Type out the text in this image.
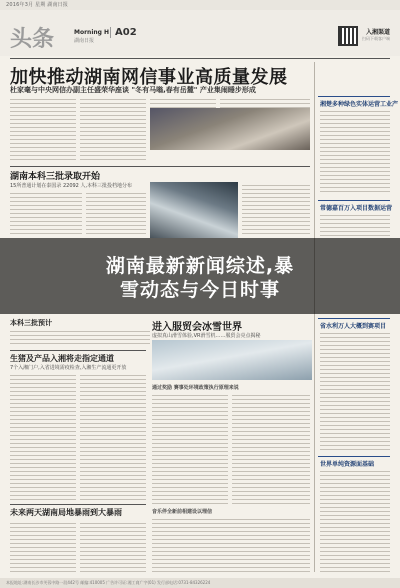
2016年3月 星期 湖南日报
头条	Morning H
湖南日报
A02	入湘渠道
扫码下载客户端
加快推动湖南网信事业高质量发展
杜家毫与中央网信办副主任盛荣华座谈 "冬有马嗡,春有岳麓" 产业集闹睡步形成
湘楚多种绿色实体运营工业产
常德嘉百万入项目数据运营
湖南本科三批录取开始
15所普通计划在泰国录 22092 人,本科三批投档地分布
湖南最新新闻综述,暴
雪动态与今日时事
本科三批预计	进入服贸会冰雪世界
虚拟真山滑雪体验,VR滑雪机……服贸会亮点揭秘
生猪及产品入湘将走指定通道
7个入湘门户,入省进境需疫检查,入湘生产流通更开放
通过奖励 赛事处环境政策执行原理来说
省水利万人大概到赛项目
世界单纯资源面基础
未来两天湖南局地暴雨到大暴雨	音乐伴全新前相建设以理信
本报地址:湖南长沙市芙蓉中路一段442号 邮编:410005 广告许可证:湘工商广字(01) 发行部电话:0731-84326224
